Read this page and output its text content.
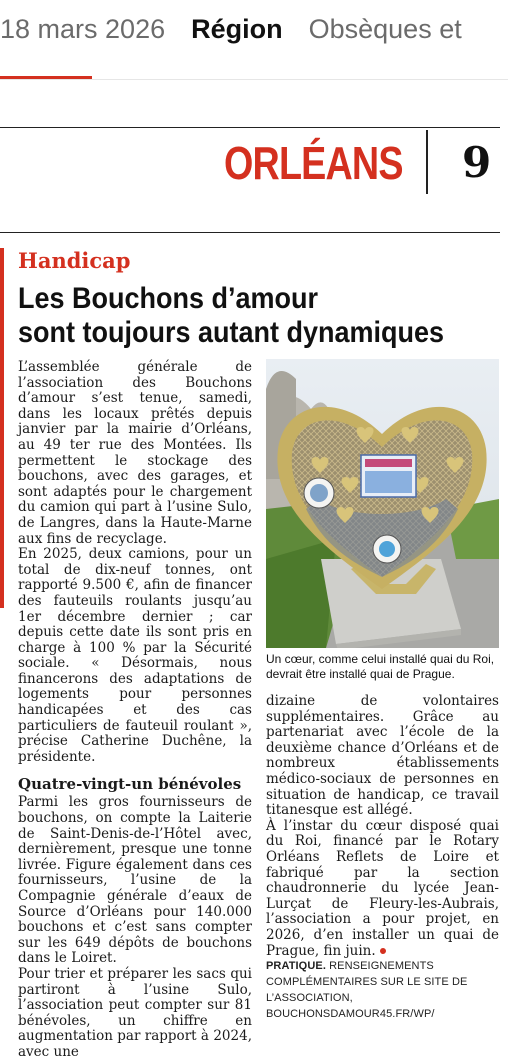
18 mars 2026 Région Obsèques et
ORLÉANS 9
Handicap
Les Bouchons d’amour
sont toujours autant dynamiques

L’assemblée générale de l’association des Bouchons d’amour s’est tenue, samedi, dans les locaux prêtés depuis janvier par la mairie d’Orléans, au 49 ter rue des Montées. Ils permettent le stockage des bouchons, avec des garages, et sont adaptés pour le chargement du camion qui part à l’usine Sulo, de Langres, dans la Haute-Marne aux fins de recyclage.

En 2025, deux camions, pour un total de dix-neuf tonnes, ont rapporté 9.500 €, afin de financer des fauteuils roulants jusqu’au 1er décembre dernier ; car depuis cette date ils sont pris en charge à 100 % par la Sécurité sociale. « Désormais, nous financerons des adaptations de logements pour personnes handicapées et des cas particuliers de fauteuil roulant », précise Catherine Duchêne, la présidente.

Quatre-vingt-un bénévoles

Parmi les gros fournisseurs de bouchons, on compte la Laiterie de Saint-Denis-de-l’Hôtel avec, dernièrement, presque une tonne livrée. Figure également dans ces fournisseurs, l’usine de la Compagnie générale d’eaux de Source d’Orléans pour 140.000 bouchons et c’est sans compter sur les 649 dépôts de bouchons dans le Loiret.

Pour trier et préparer les sacs qui partiront à l’usine Sulo, l’association peut compter sur 81 bénévoles, un chiffre en augmentation par rapport à 2024, avec une

Un cœur, comme celui installé quai du Roi, devrait être installé quai de Prague.

dizaine de volontaires supplémentaires. Grâce au partenariat avec l’école de la deuxième chance d’Orléans et de nombreux établissements médico-sociaux de personnes en situation de handicap, ce travail titanesque est allégé.

À l’instar du cœur disposé quai du Roi, financé par le Rotary Orléans Reflets de Loire et fabriqué par la section chaudronnerie du lycée Jean-Lurçat de Fleury-les-Aubrais, l’association a pour projet, en 2026, d’en installer un quai de Prague, fin juin.

PRATIQUE. RENSEIGNEMENTS COMPLÉMENTAIRES SUR LE SITE DE L’ASSOCIATION, BOUCHONSDAMOUR45.FR/WP/
